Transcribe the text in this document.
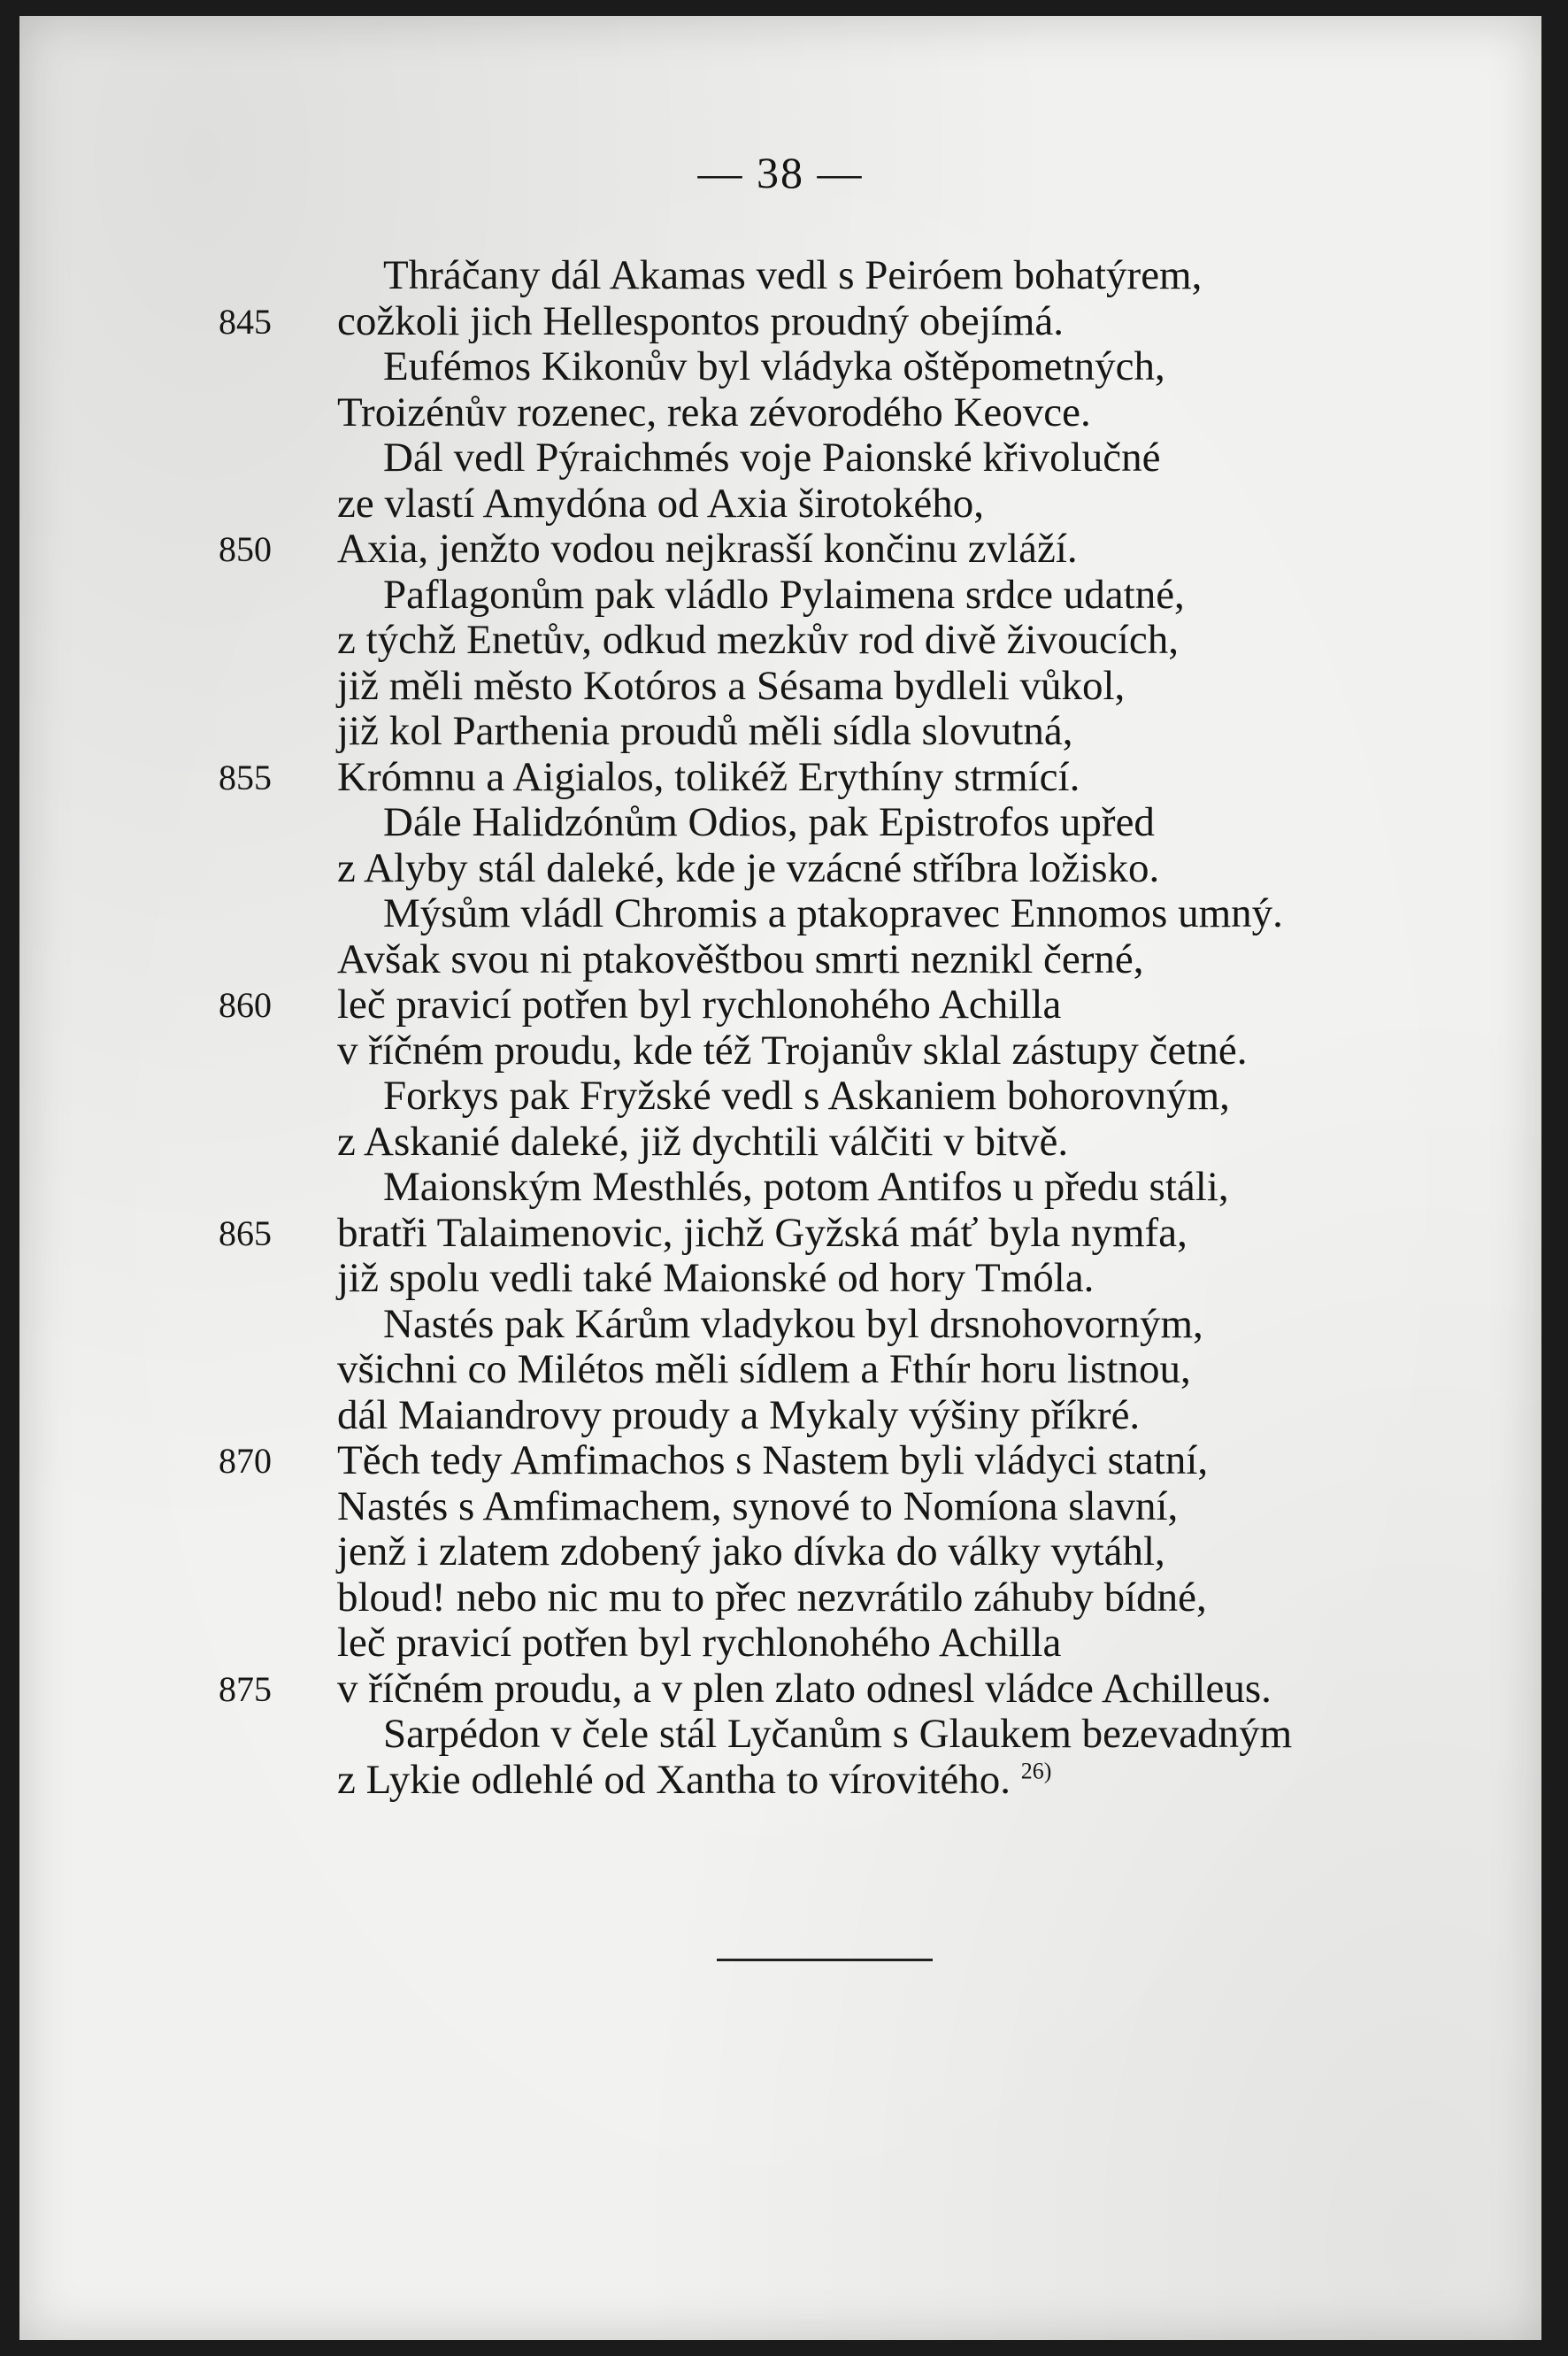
— 38 —
Thráčany dál Akamas vedl s Peiróem bohatýrem,
845	cožkoli jich Hellespontos proudný obejímá.
Eufémos Kikonův byl vládyka oštěpometných,
Troizénův rozenec, reka zévorodého Keovce.
Dál vedl Pýraichmés voje Paionské křivolučné
ze vlastí Amydóna od Axia širotokého,
850	Axia, jenžto vodou nejkrasší končinu zvláží.
Paflagonům pak vládlo Pylaimena srdce udatné,
z týchž Enetův, odkud mezkův rod divě živoucích,
již měli město Kotóros a Sésama bydleli vůkol,
již kol Parthenia proudů měli sídla slovutná,
855	Krómnu a Aigialos, tolikéž Erythíny strmící.
Dále Halidzónům Odios, pak Epistrofos upřed
z Alyby stál daleké, kde je vzácné stříbra ložisko.
Mýsům vládl Chromis a ptakopravec Ennomos umný.
Avšak svou ni ptakověštbou smrti neznikl černé,
860	leč pravicí potřen byl rychlonohého Achilla
v říčném proudu, kde též Trojanův sklal zástupy četné.
Forkys pak Fryžské vedl s Askaniem bohorovným,
z Askanié daleké, již dychtili válčiti v bitvě.
Maionským Mesthlés, potom Antifos u předu stáli,
865	bratři Talaimenovic, jichž Gyžská máť byla nymfa,
již spolu vedli také Maionské od hory Tmóla.
Nastés pak Kárům vladykou byl drsnohovorným,
všichni co Milétos měli sídlem a Fthír horu listnou,
dál Maiandrovy proudy a Mykaly výšiny příkré.
870	Těch tedy Amfimachos s Nastem byli vládyci statní,
Nastés s Amfimachem, synové to Nomíona slavní,
jenž i zlatem zdobený jako dívka do války vytáhl,
bloud! nebo nic mu to přec nezvrátilo záhuby bídné,
leč pravicí potřen byl rychlonohého Achilla
875	v říčném proudu, a v plen zlato odnesl vládce Achilleus.
Sarpédon v čele stál Lyčanům s Glaukem bezevadným
z Lykie odlehlé od Xantha to vírovitého. $^{26)}$
